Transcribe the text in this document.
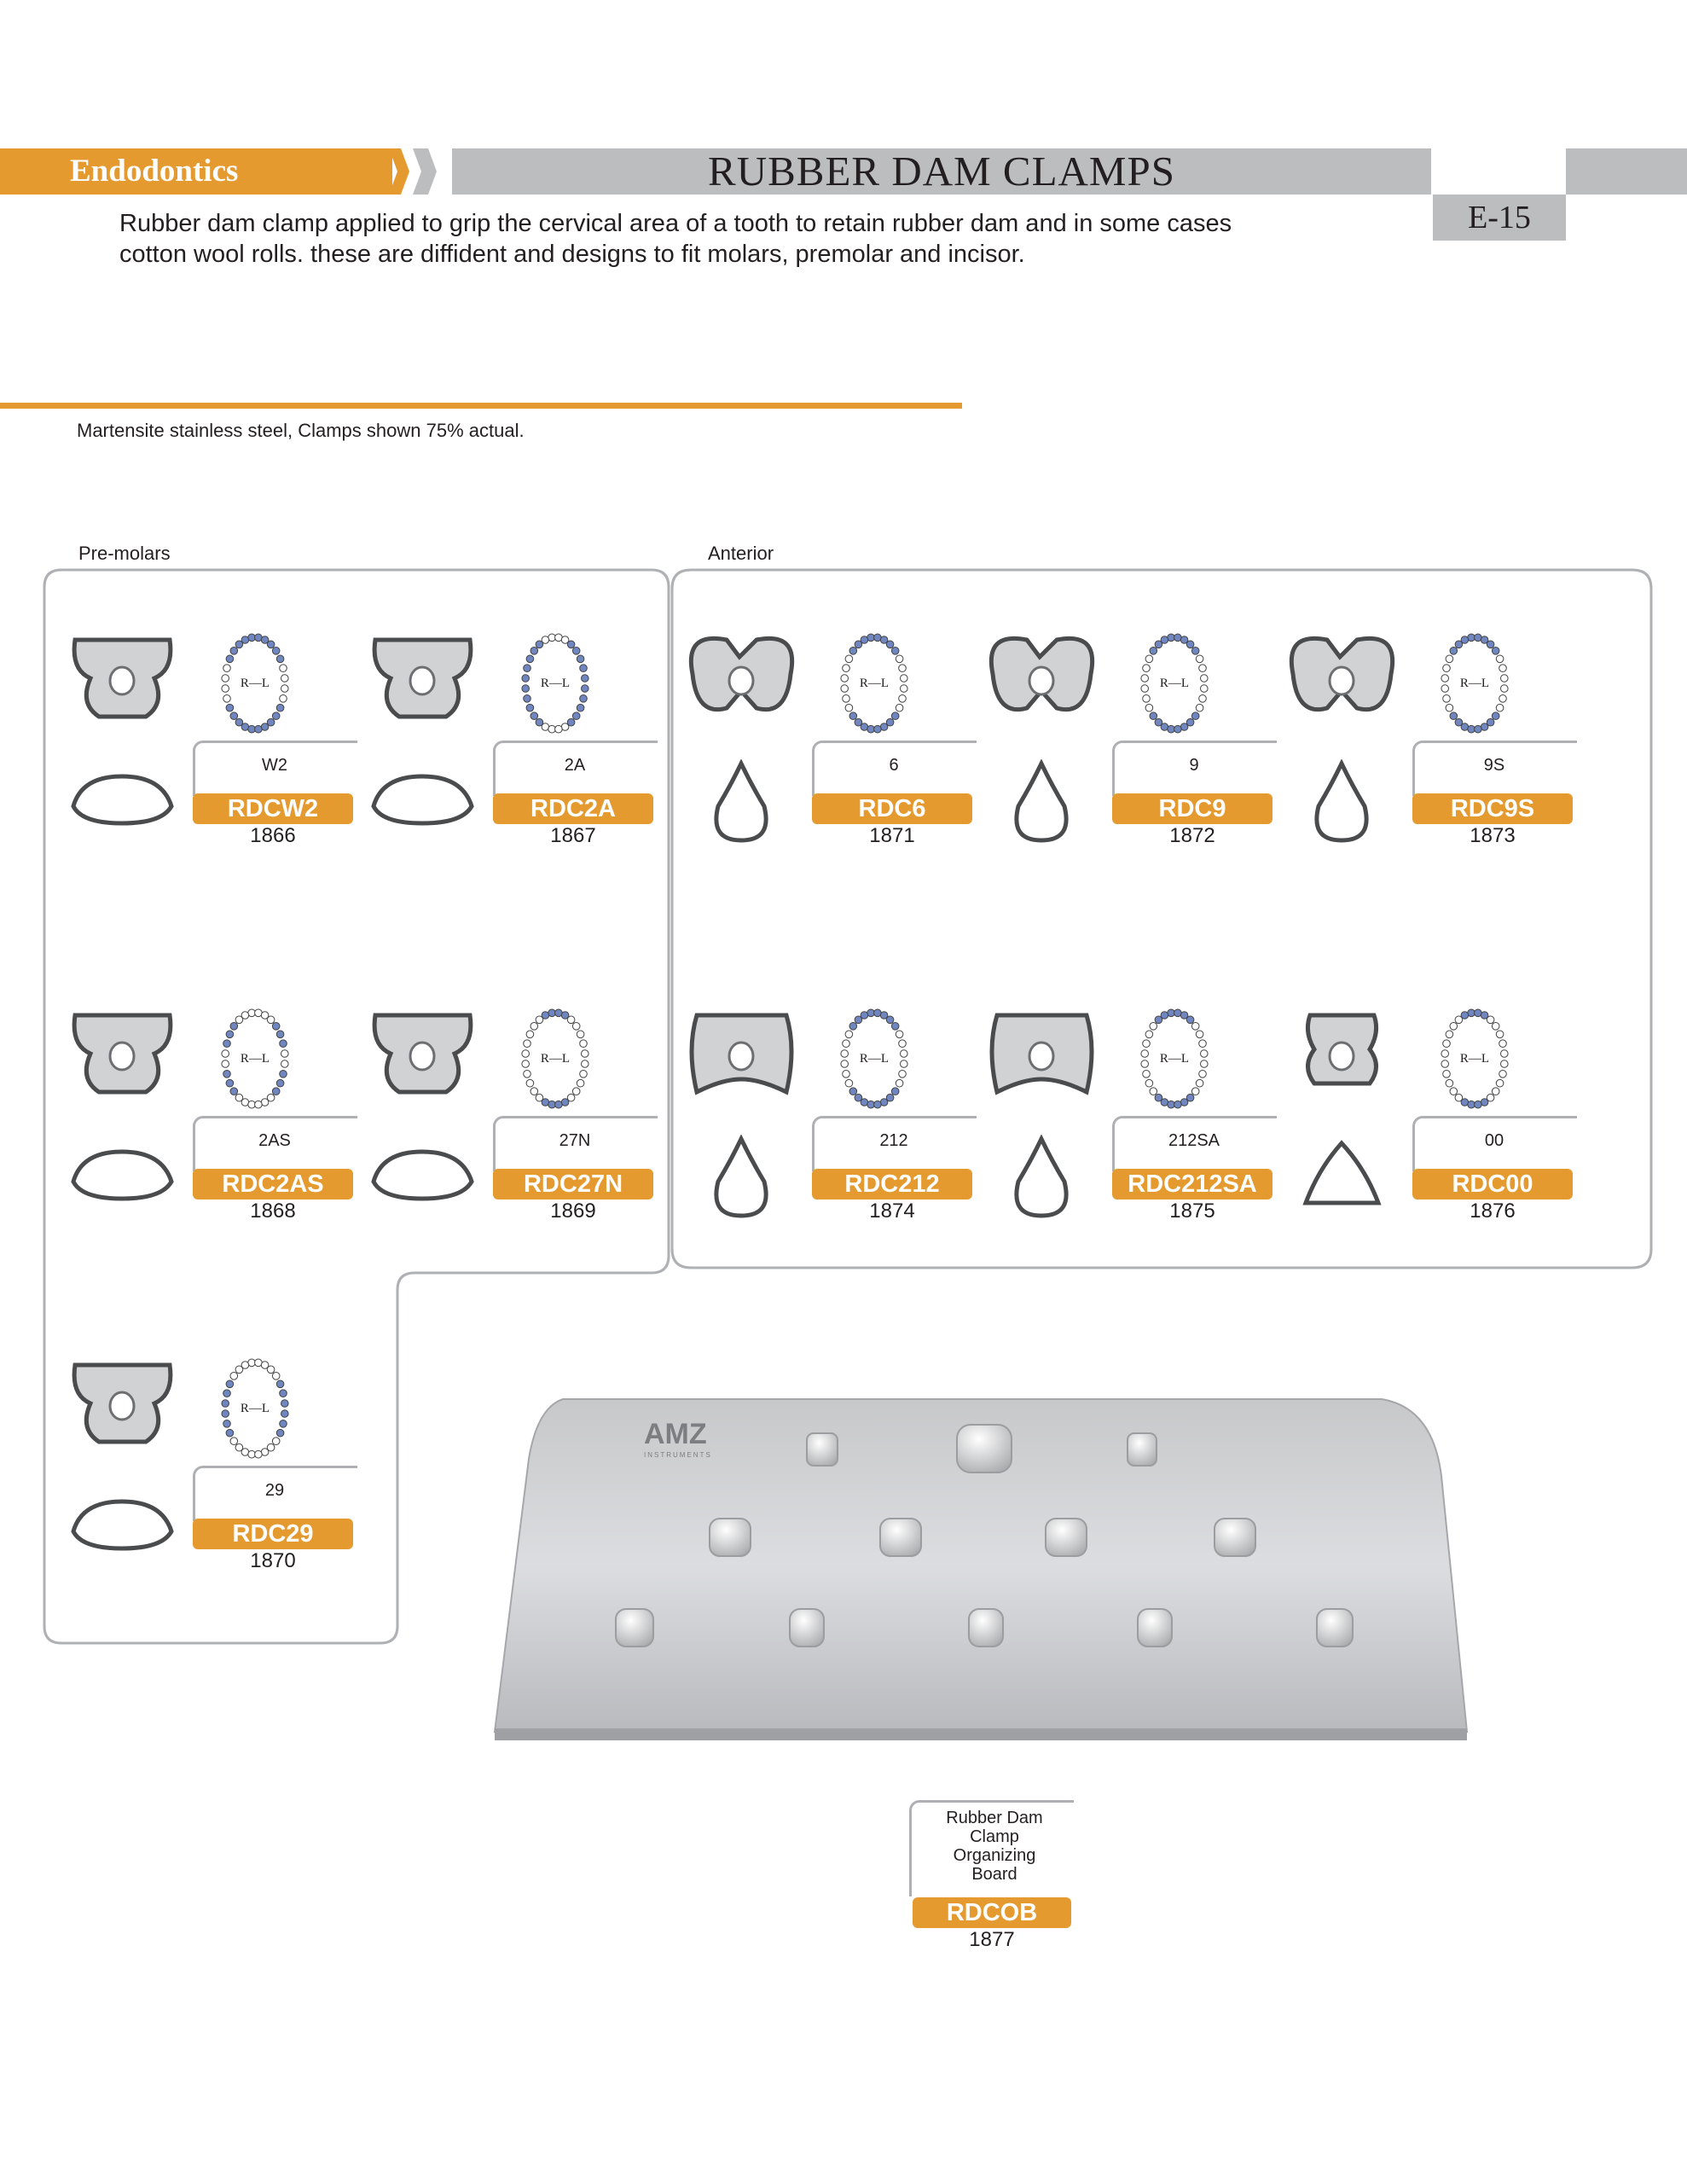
Endodontics	RUBBER DAM CLAMPS
E-15
Rubber dam clamp applied to grip the cervical area of a tooth to retain rubber dam and in some cases
cotton wool rolls. these are diffident and designs to fit molars, premolar and incisor.
Martensite stainless steel, Clamps shown 75% actual.
Pre-molars	Anterior
R—L
W2
RDCW2
1866
R—L
2A
RDC2A
1867
R—L
6
RDC6
1871
R—L
9
RDC9
1872
R—L
9S
RDC9S
1873
R—L
2AS
RDC2AS
1868
R—L
27N
RDC27N
1869
R—L
212
RDC212
1874
R—L
212SA
RDC212SA
1875
R—L
00
RDC00
1876
R—L
29
RDC29
1870
AMZ
INSTRUMENTS
Rubber Dam
Clamp
Organizing
Board
RDCOB
1877
